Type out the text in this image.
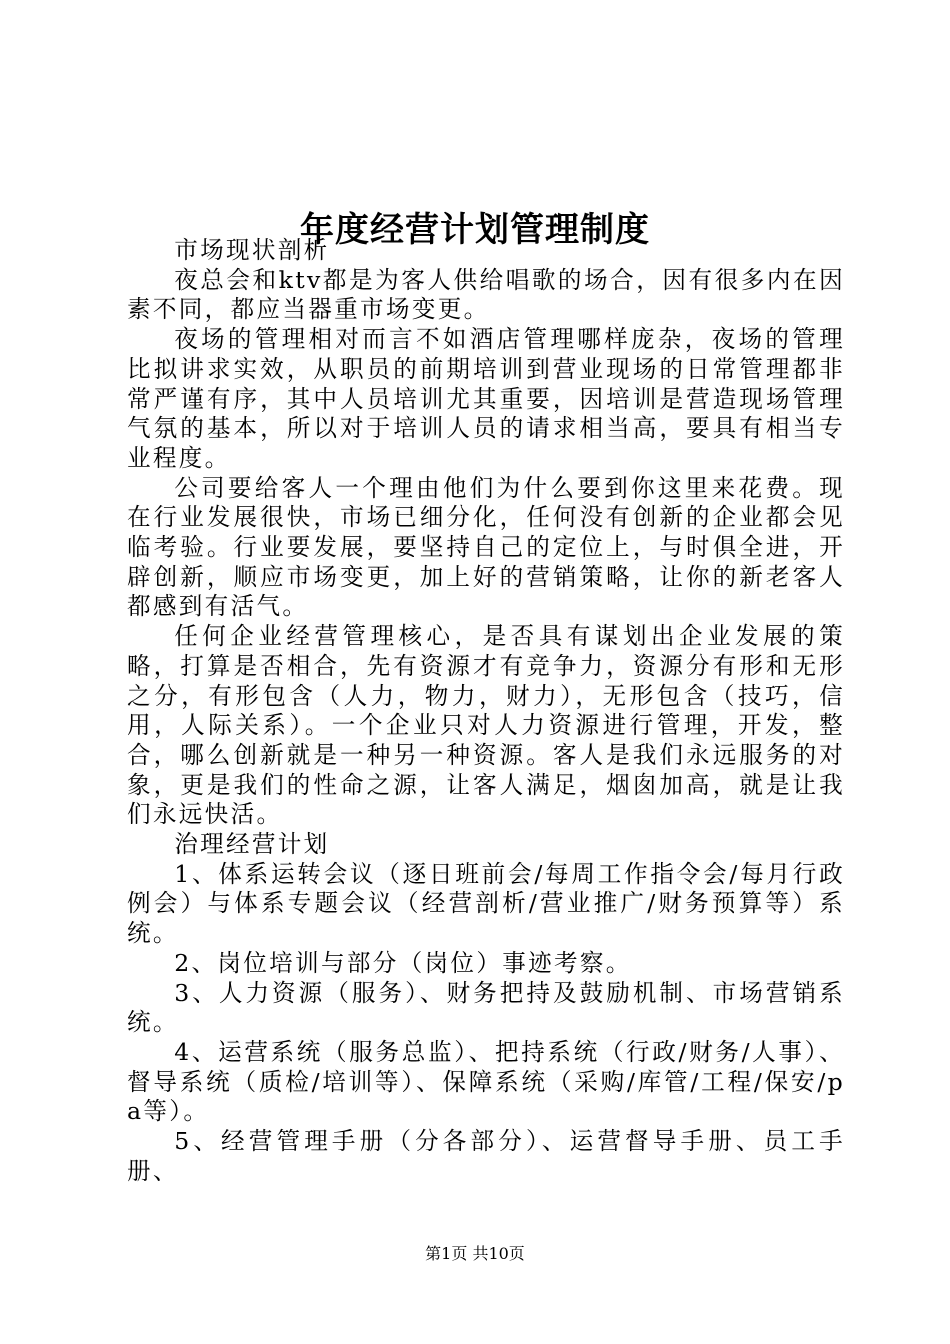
年度经营计划管理制度

市场现状剖析

夜总会和ktv都是为客人供给唱歌的场合，因有很多内在因素不同，都应当器重市场变更。

夜场的管理相对而言不如酒店管理哪样庞杂，夜场的管理比拟讲求实效，从职员的前期培训到营业现场的日常管理都非常严谨有序，其中人员培训尤其重要，因培训是营造现场管理气氛的基本，所以对于培训人员的请求相当高，要具有相当专业程度。

公司要给客人一个理由他们为什么要到你这里来花费。现在行业发展很快，市场已细分化，任何没有创新的企业都会见临考验。行业要发展，要坚持自己的定位上，与时俱全进，开辟创新，顺应市场变更，加上好的营销策略，让你的新老客人都感到有活气。

任何企业经营管理核心，是否具有谋划出企业发展的策略，打算是否相合，先有资源才有竞争力，资源分有形和无形之分，有形包含（人力，物力，财力），无形包含（技巧，信用，人际关系）。一个企业只对人力资源进行管理，开发，整合，哪么创新就是一种另一种资源。客人是我们永远服务的对象，更是我们的性命之源，让客人满足，烟囱加高，就是让我们永远快活。

治理经营计划

1、体系运转会议（逐日班前会/每周工作指令会/每月行政例会）与体系专题会议（经营剖析/营业推广/财务预算等）系统。

2、岗位培训与部分（岗位）事迹考察。

3、人力资源（服务）、财务把持及鼓励机制、市场营销系统。

4、运营系统（服务总监）、把持系统（行政/财务/人事）、督导系统（质检/培训等）、保障系统（采购/库管/工程/保安/pa等）。

5、经营管理手册（分各部分）、运营督导手册、员工手册、

第1页 共10页
